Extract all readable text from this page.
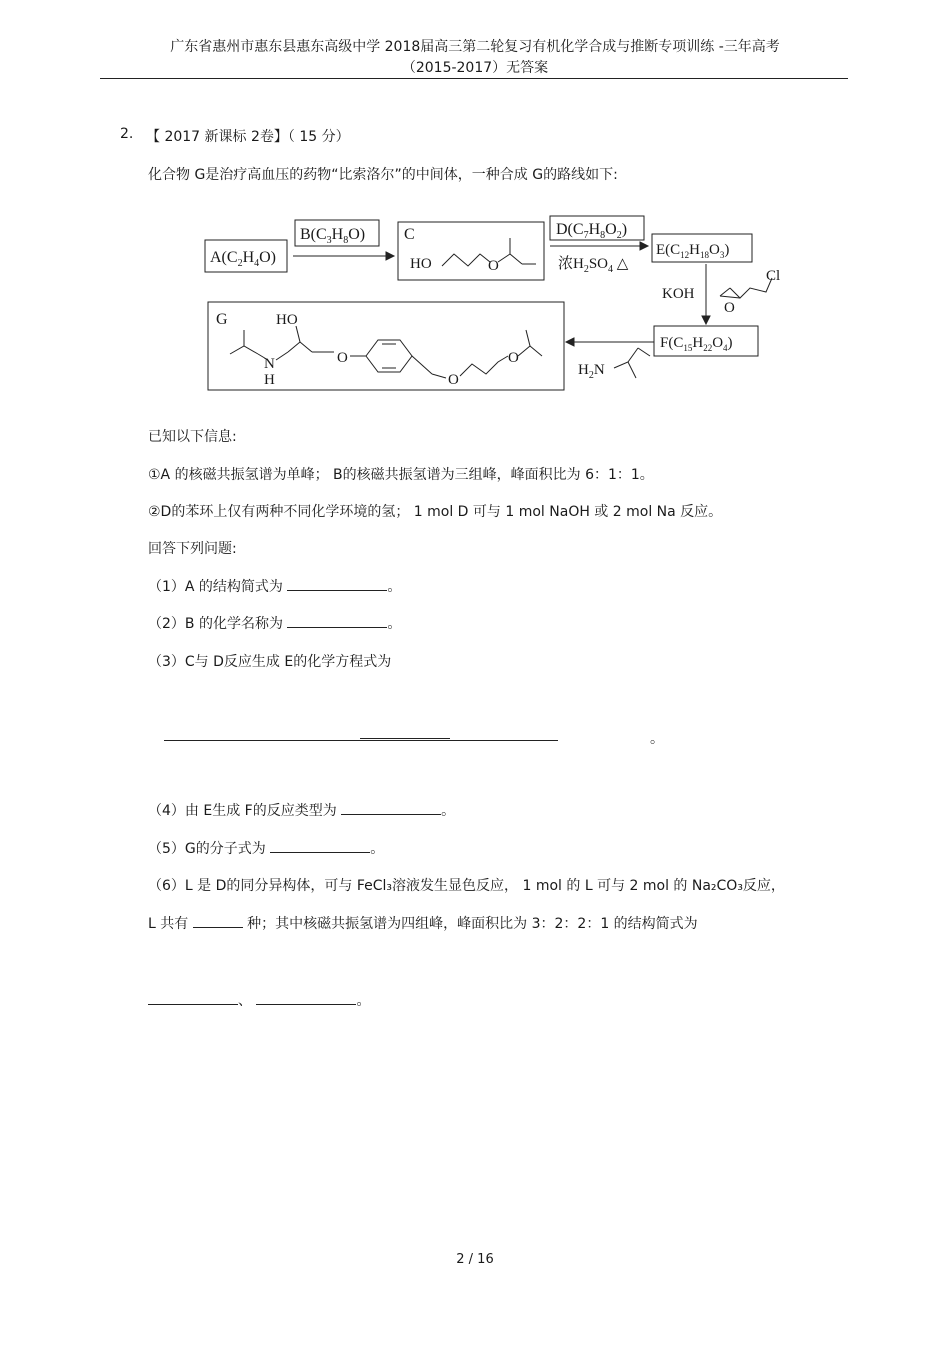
广东省惠州市惠东县惠东高级中学 2018届高三第二轮复习有机化学合成与推断专项训练 -三年高考
（2015-2017）无答案
2. 【 2017 新课标 2卷】（ 15 分）
化合物 G是治疗高血压的药物“比索洛尔”的中间体，一种合成 G的路线如下:
$A(C_2H_4O)$
$B(C_3H_8O)$ C
HO	O
$D(C_7H_8O_2)$
浓$H_2SO_4$ △
$E(C_{12}H_{18}O_3)$
KOH
Cl
O
$F(C_{15}H_{22}O_4)$
$H_2N$
G	HO
N
H
O
O
O
已知以下信息:
①A 的核磁共振氢谱为单峰； B的核磁共振氢谱为三组峰，峰面积比为 6：1：1。
②D的苯环上仅有两种不同化学环境的氢； 1 mol D 可与 1 mol NaOH 或 2 mol Na 反应。
回答下列问题:
（1）A 的结构简式为	。
（2）B 的化学名称为	。
（3）C与 D反应生成 E的化学方程式为
。
（4）由 E生成 F的反应类型为	。
（5）G的分子式为	。
（6）L 是 D的同分异构体，可与 FeCl₃溶液发生显色反应， 1 mol 的 L 可与 2 mol 的 Na₂CO₃反应，
L 共有	种；其中核磁共振氢谱为四组峰，峰面积比为 3：2：2：1 的结构简式为
、	。
2 / 16
